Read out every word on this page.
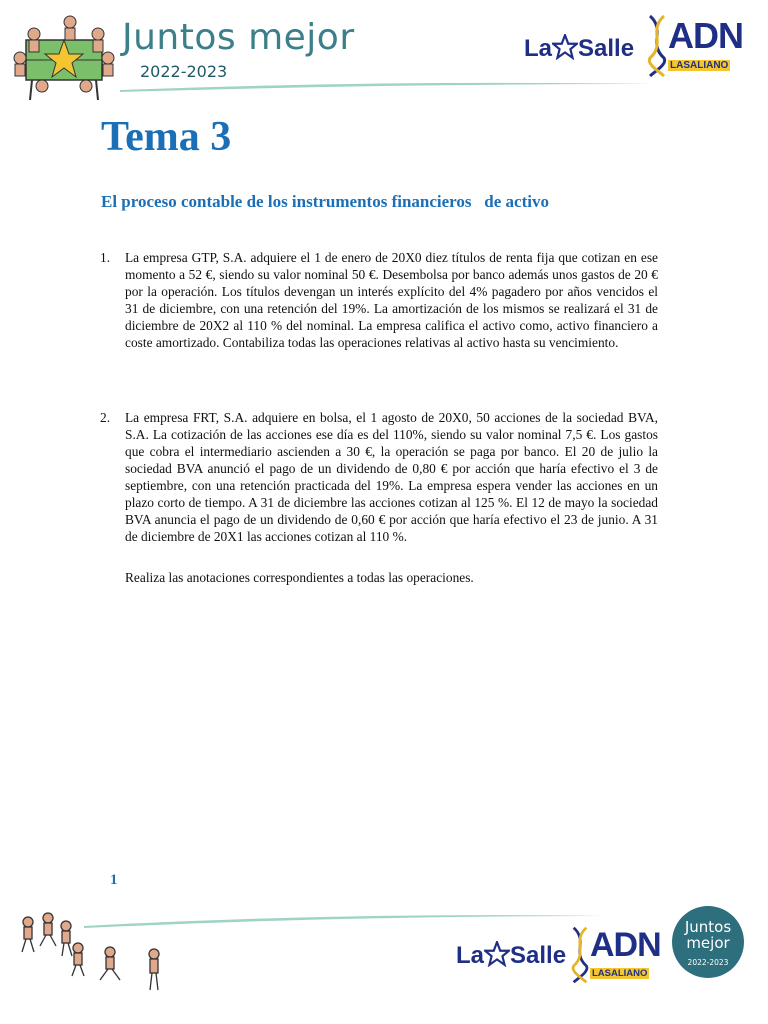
Juntos mejor
2022-2023
La Salle ADN
LASALIANO
Tema 3
El proceso contable de los instrumentos financieros   de activo
1. La empresa GTP, S.A. adquiere el 1 de enero de 20X0 diez títulos de renta fija que cotizan en ese momento a 52 €, siendo su valor nominal 50 €. Desembolsa por banco además unos gastos de 20 € por la operación. Los títulos devengan un interés explícito del 4% pagadero por años vencidos el 31 de diciembre, con una retención del 19%. La amortización de los mismos se realizará el 31 de diciembre de 20X2 al 110 % del nominal. La empresa califica el activo como, activo financiero a coste amortizado. Contabiliza todas las operaciones relativas al activo hasta su vencimiento.

2. La empresa FRT, S.A. adquiere en bolsa, el 1 agosto de 20X0, 50 acciones de la sociedad BVA, S.A. La cotización de las acciones ese día es del 110%, siendo su valor nominal 7,5 €. Los gastos que cobra el intermediario ascienden a 30 €, la operación se paga por banco. El 20 de julio la sociedad BVA anunció el pago de un dividendo de 0,80 € por acción que haría efectivo el 3 de septiembre, con una retención practicada del 19%. La empresa espera vender las acciones en un plazo corto de tiempo. A 31 de diciembre las acciones cotizan al 125 %. El 12 de mayo la sociedad BVA anuncia el pago de un dividendo de 0,60 € por acción que haría efectivo el 23 de junio. A 31 de diciembre de 20X1 las acciones cotizan al 110 %.

Realiza las anotaciones correspondientes a todas las operaciones.
1
La Salle ADN
LASALIANO
Juntos
mejor
2022-2023
